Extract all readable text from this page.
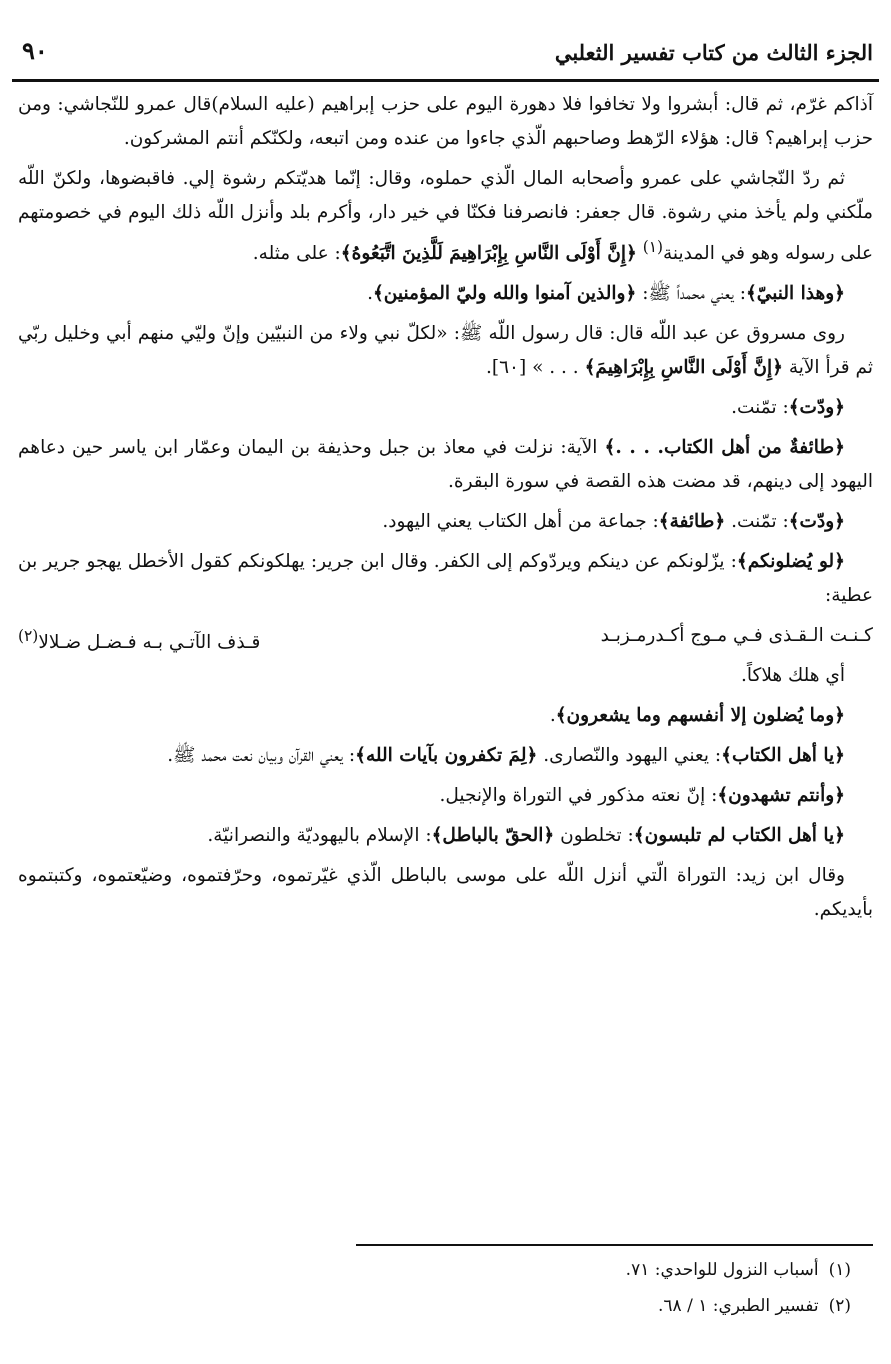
الجزء الثالث من كتاب تفسير الثعلبي
٩٠

آذاكم غرّم، ثم قال: أبشروا ولا تخافوا فلا دهورة اليوم على حزب إبراهيم (عليه السلام)قال عمرو للنّجاشي: ومن حزب إبراهيم؟ قال: هؤلاء الرّهط وصاحبهم الّذي جاءوا من عنده ومن اتبعه، ولكنّكم أنتم المشركون.

ثم ردّ النّجاشي على عمرو وأصحابه المال الّذي حملوه، وقال: إنّما هديّتكم رشوة إلي. فاقبضوها، ولكنّ اللّه ملّكني ولم يأخذ مني رشوة. قال جعفر: فانصرفنا فكنّا في خير دار، وأكرم بلد وأنزل اللّه ذلك اليوم في خصومتهم على رسوله وهو في المدينة$^{(١)}$ ﴿إِنَّ أَوْلَى النَّاسِ بِإِبْرَاهِيمَ لَلَّذِينَ اتَّبَعُوهُ﴾: على مثله.

﴿وهذا النبيّ﴾: يعني محمداً ﷺ: ﴿والذين آمنوا والله وليّ المؤمنين﴾.

روى مسروق عن عبد اللّه قال: قال رسول اللّه ﷺ: «لكلّ نبي ولاء من النبيّين وإنّ وليّي منهم أبي وخليل ربّي ثم قرأ الآية ﴿إِنَّ أَوْلَى النَّاسِ بِإِبْرَاهِيمَ﴾ . . . » [٦٠].

﴿ودّت﴾: تمّنت.

﴿طائفةٌ من أهل الكتاب. . . .﴾ الآية: نزلت في معاذ بن جبل وحذيفة بن اليمان وعمّار ابن ياسر حين دعاهم اليهود إلى دينهم، قد مضت هذه القصة في سورة البقرة.

﴿ودّت﴾: تمّنت. ﴿طائفة﴾: جماعة من أهل الكتاب يعني اليهود.

﴿لو يُضلونكم﴾: يزّلونكم عن دينكم ويردّوكم إلى الكفر. وقال ابن جرير: يهلكونكم كقول الأخطل يهجو جرير بن عطية:

كـنـت الـقـذى فـي مـوج أكـدرمـزبـد
قـذف الآتـي بـه فـضـل ضـلالا$^{(٢)}$

أي هلك هلاكاً.

﴿وما يُضلون إلا أنفسهم وما يشعرون﴾.

﴿يا أهل الكتاب﴾: يعني اليهود والنّصارى. ﴿لِمَ تكفرون بآيات الله﴾: يعني القرآن وبيان نعت محمد ﷺ.

﴿وأنتم تشهدون﴾: إنّ نعته مذكور في التوراة والإنجيل.

﴿يا أهل الكتاب لم تلبسون﴾: تخلطون ﴿الحقّ بالباطل﴾: الإسلام باليهوديّة والنصرانيّة.

وقال ابن زيد: التوراة الّتي أنزل اللّه على موسى بالباطل الّذي غيّرتموه، وحرّفتموه، وضيّعتموه، وكتبتموه بأيديكم.

(١)أسباب النزول للواحدي: ٧١.

(٢)تفسير الطبري: ١ / ٦٨.
